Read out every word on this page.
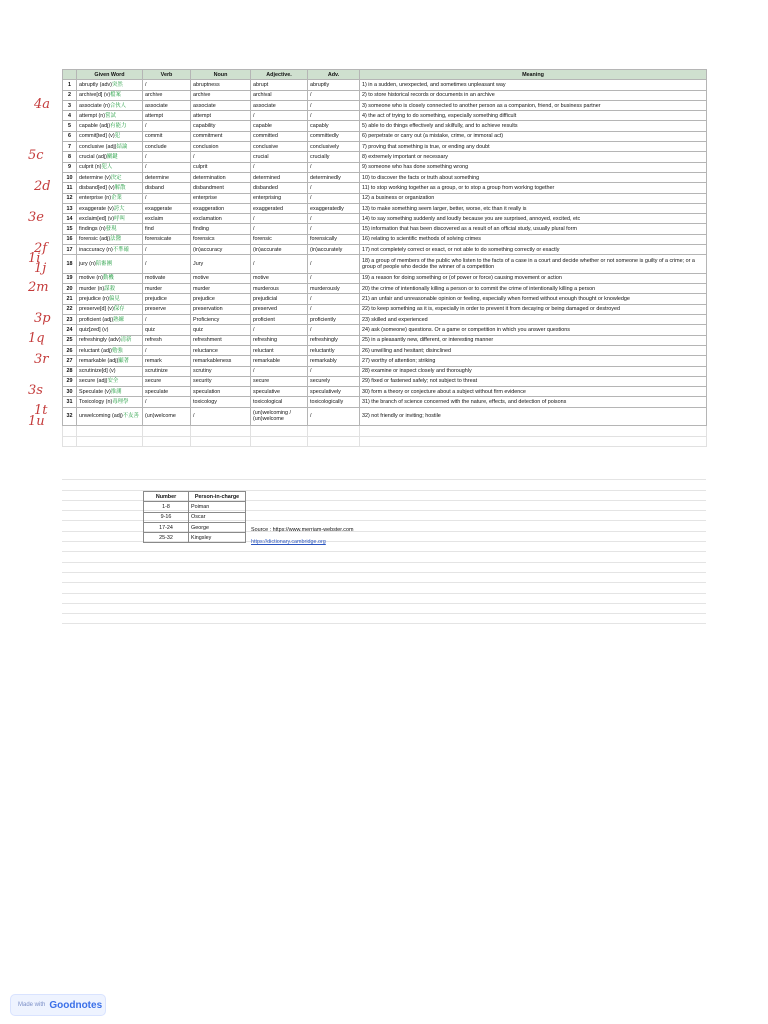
	Given Word	Verb	Noun	Adjective.	Adv.	Meaning
1	abruptly (adv)突然	/	abruptness	abrupt	abruptly	1) in a sudden, unexpected, and sometimes unpleasant way
2	archive[d] (v)檔案	archive	archive	archival	/	2) to store historical records or documents in an archive
3	associate (n)合伙人	associate	associate	associate	/	3) someone who is closely connected to another person as a companion, friend, or business partner
4	attempt (n)嘗試	attempt	attempt	/	/	4) the act of trying to do something, especially something difficult
5	capable (adj)有能力	/	capability	capable	capably	5) able to do things effectively and skilfully, and to achieve results
6	commit[ted] (v)犯	commit	commitment	committed	committedly	6) perpetrate or carry out (a mistake, crime, or immoral act)
7	conclusive (adj)結論	conclude	conclusion	conclusive	conclusively	7) proving that something is true, or ending any doubt
8	crucial (adj)關鍵	/	/	crucial	crucially	8) extremely important or necessary
9	culprit (n)犯人	/	culprit	/	/	9) someone who has done something wrong
10	determine (v)決定	determine	determination	determined	determinedly	10) to discover the facts or truth about something
11	disband[ed] (v)解散	disband	disbandment	disbanded	/	11) to stop working together as a group, or to stop a group from working together
12	enterprise (n)企業	/	enterprise	enterprising	/	12) a business or organization
13	exaggerate (v)誇大	exaggerate	exaggeration	exaggerated	exaggeratedly	13) to make something seem larger, better, worse, etc than it really is
14	exclaim[ed] (v)呼叫	exclaim	exclamation	/	/	14) to say something suddenly and loudly because you are surprised, annoyed, excited, etc
15	findings (n)發現	find	finding	/	/	15) information that has been discovered as a result of an official study, usually plural form
16	forensic (adj)法醫	forensicate	forensics	forensic	forensically	16) relating to scientific methods of solving crimes
17	inaccuracy (n)不準確	/	(in)accuracy	(in)accurate	(in)accurately	17) not completely correct or exact, or not able to do something correctly or exactly
18	jury (n)陪審團	/	Jury	/	/	18) a group of members of the public who listen to the facts of a case in a court and decide whether or not someone is guilty of a crime; or a group of people who decide the winner of a competition
19	motive (n)動機	motivate	motive	motive	/	19) a reason for doing something or (of power or force) causing movement or action
20	murder (n)謀殺	murder	murder	murderous	murderously	20) the crime of intentionally killing a person or to commit the crime of intentionally killing a person
21	prejudice (n)偏見	prejudice	prejudice	prejudicial	/	21) an unfair and unreasonable opinion or feeling, especially when formed without enough thought or knowledge
22	preserve[d] (v)保存	preserve	preservation	preserved	/	22) to keep something as it is, especially in order to prevent it from decaying or being damaged or destroyed
23	proficient (adj)熟練	/	Proficiency	proficient	proficiently	23) skilled and experienced
24	quiz[zed] (v)	quiz	quiz	/	/	24) ask (someone) questions. Or a game or competition in which you answer questions
25	refreshingly (adv)清新	refresh	refreshment	refreshing	refreshingly	25) in a pleasantly new, different, or interesting manner
26	reluctant (adj)勉強	/	reluctance	reluctant	reluctantly	26) unwilling and hesitant; disinclined
27	remarkable (adj)顯著	remark	remarkableness	remarkable	remarkably	27) worthy of attention; striking
28	scrutinize[d] (v)	scrutinize	scrutiny	/	/	28) examine or inspect closely and thoroughly
29	secure (adj)安全	secure	security	secure	securely	29) fixed or fastened safely; not subject to threat
30	Speculate (v)推測	speculate	speculation	speculative	speculatively	30) form a theory or conjecture about a subject without firm evidence
31	Toxicology (n)毒理學	/	toxicology	toxicological	toxicologically	31) the branch of science concerned with the nature, effects, and detection of poisons
32	unwelcoming (adj)不友善	(un)welcome	/	(un)welcoming / (un)welcome	/	32) not friendly or inviting; hostile

Number	Person-in-charge
1-8	Poiman
9-16	Oscar
17-24	George
25-32	Kingsley
Source : https://www.merriam-webster.com
https://dictionary.cambridge.org
4a
5c
2d
3e
2f
1i
1j
2m
3p
1q
3r
3s
1t
1u
Made with Goodnotes
